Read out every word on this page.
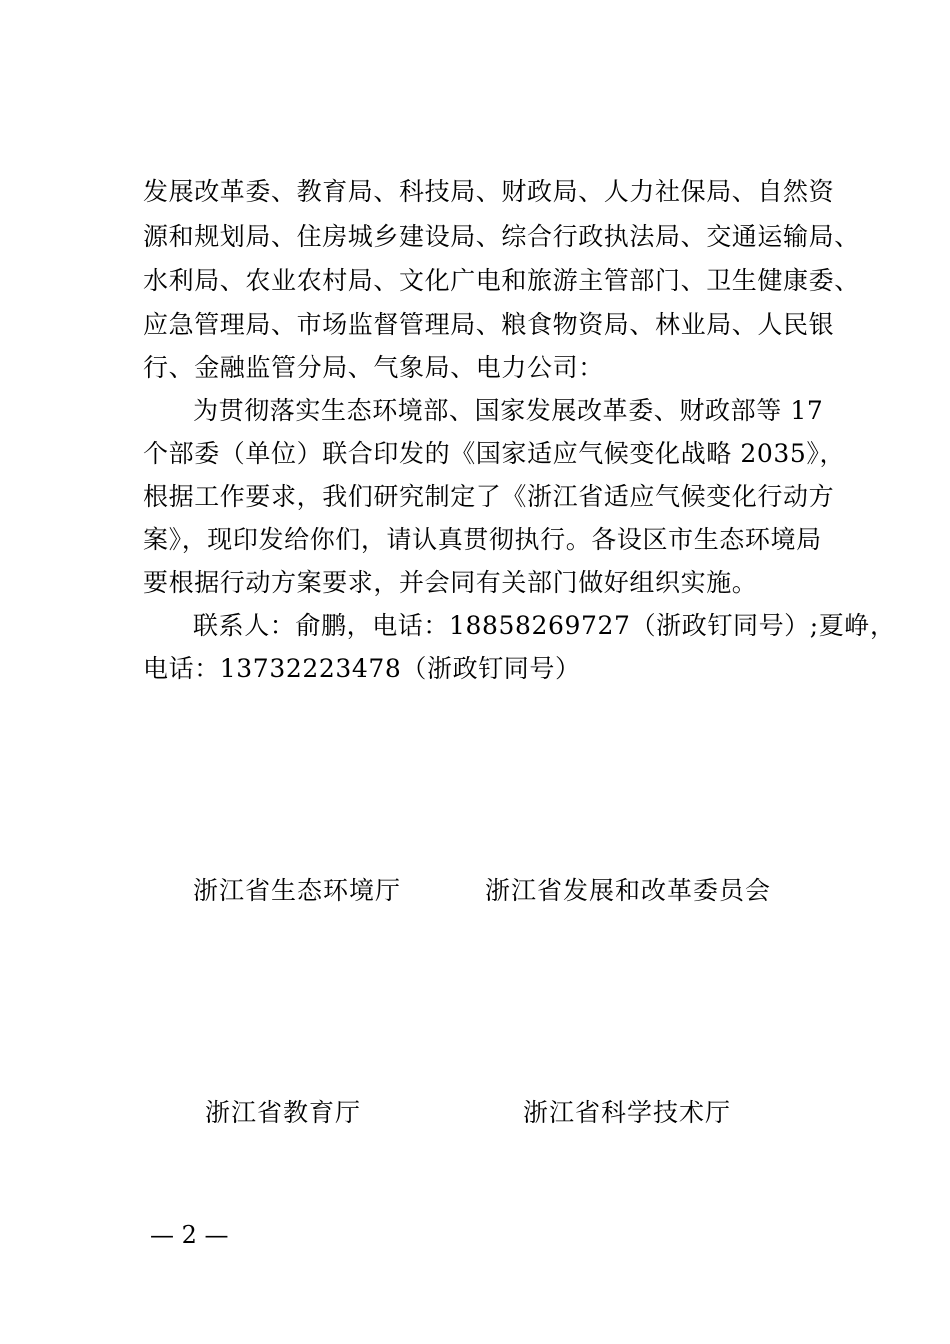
发展改革委、教育局、科技局、财政局、人力社保局、自然资
源和规划局、住房城乡建设局、综合行政执法局、交通运输局、
水利局、农业农村局、文化广电和旅游主管部门、卫生健康委、
应急管理局、市场监督管理局、粮食物资局、林业局、人民银
行、金融监管分局、气象局、电力公司：
为贯彻落实生态环境部、国家发展改革委、财政部等 17
个部委（单位）联合印发的《国家适应气候变化战略 2035》，
根据工作要求，我们研究制定了《浙江省适应气候变化行动方
案》，现印发给你们，请认真贯彻执行。各设区市生态环境局
要根据行动方案要求，并会同有关部门做好组织实施。
联系人：俞鹏，电话：18858269727（浙政钉同号）;夏峥，
电话：13732223478（浙政钉同号）
浙江省生态环境厅	浙江省发展和改革委员会
浙江省教育厅	浙江省科学技术厅
— 2 —
